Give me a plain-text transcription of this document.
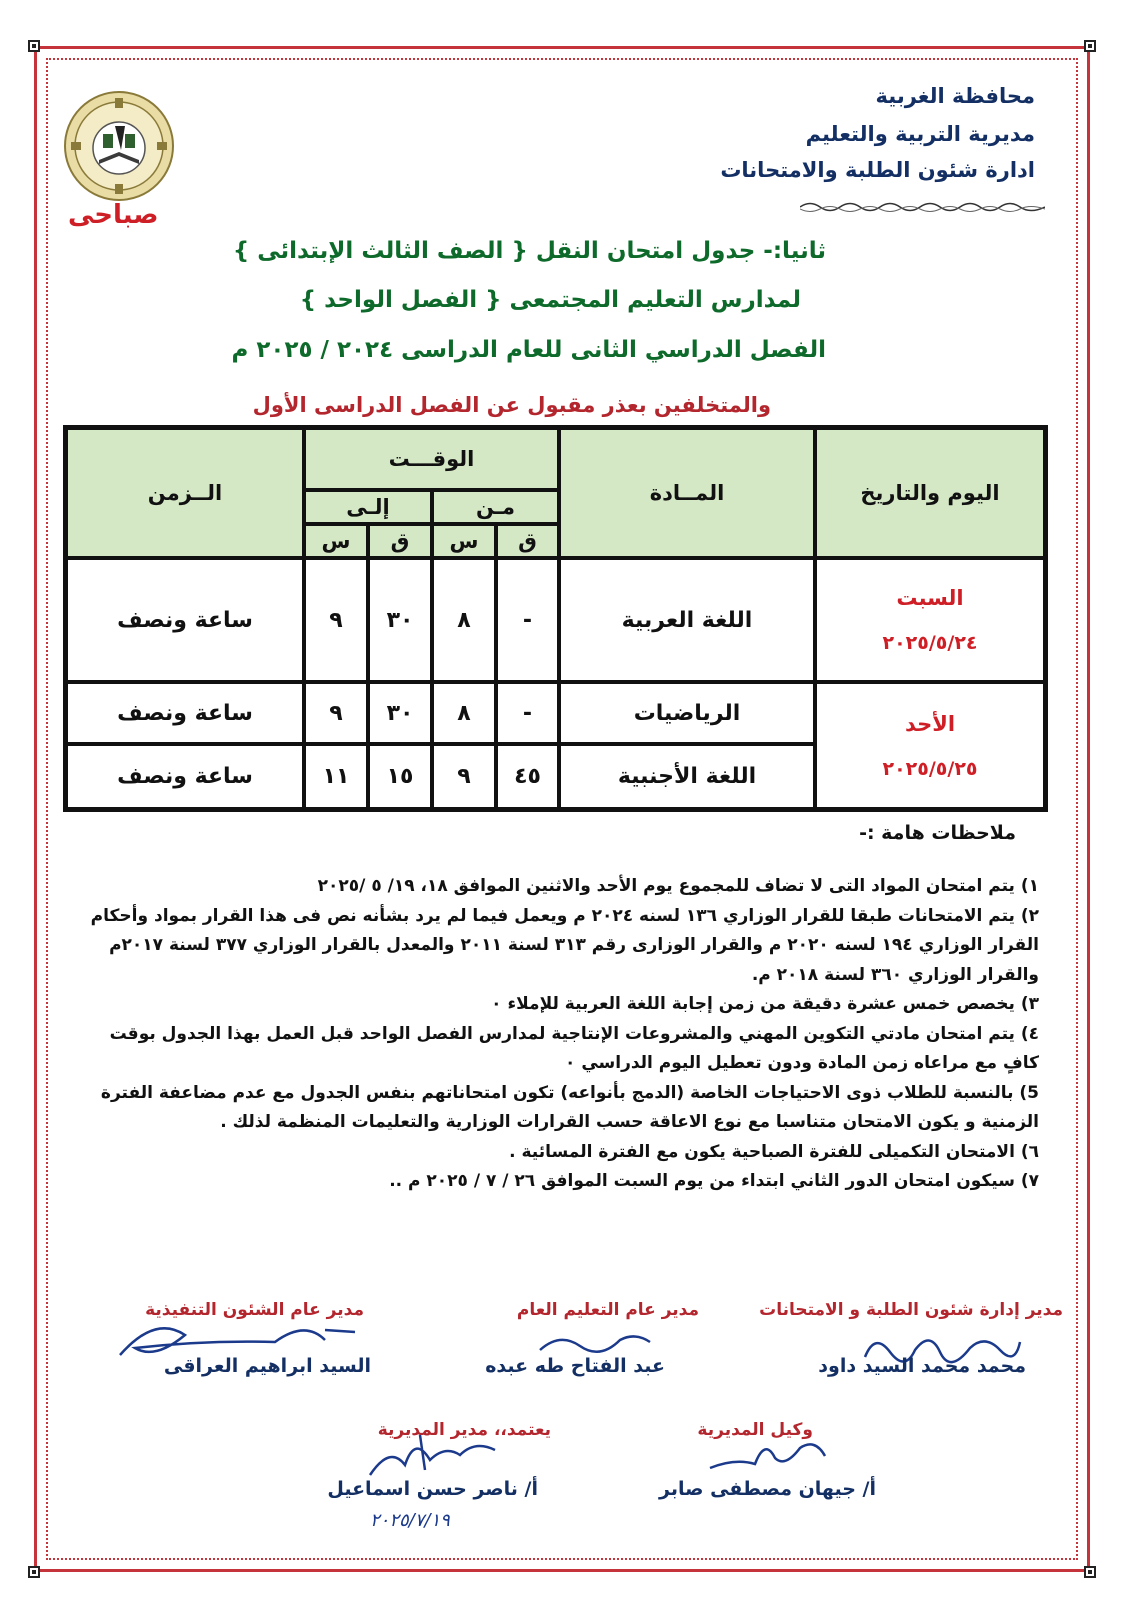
محافظة الغربية
مديرية التربية والتعليم
ادارة شئون الطلبة والامتحانات
صباحى
ثانيا:- جدول امتحان النقل { الصف الثالث الإبتدائى }
لمدارس التعليم المجتمعى { الفصل الواحد }
الفصل الدراسي الثانى للعام الدراسى ٢٠٢٤ / ٢٠٢٥ م
والمتخلفين بعذر مقبول عن الفصل الدراسى الأول
اليوم والتاريخ
المــادة
الوقـــت
مـن
إلـى
ق
س
ق
س
الــزمن
السبت
٢٠٢٥/٥/٢٤
الأحد
٢٠٢٥/٥/٢٥
اللغة العربية
-
٨
٣٠
٩
ساعة ونصف
الرياضيات
-
٨
٣٠
٩
ساعة ونصف
اللغة الأجنبية
٤٥
٩
١٥
١١
ساعة ونصف
ملاحظات هامة :-

١) يتم امتحان المواد التى لا تضاف للمجموع يوم الأحد والاثنين الموافق ١٨، ١٩/ ٥ /٢٠٢٥

٢) يتم الامتحانات طبقا للقرار الوزاري ١٣٦ لسنه ٢٠٢٤ م ويعمل فيما لم يرد بشأنه نص فى هذا القرار بمواد وأحكام القرار الوزاري ١٩٤ لسنه ٢٠٢٠ م والقرار الوزارى رقم ٣١٣ لسنة ٢٠١١ والمعدل بالقرار الوزاري ٣٧٧ لسنة ٢٠١٧م والقرار الوزاري ٣٦٠ لسنة ٢٠١٨ م.

٣) يخصص خمس عشرة دقيقة من زمن إجابة اللغة العربية للإملاء ٠

٤) يتم امتحان مادتي التكوين المهني والمشروعات الإنتاجية لمدارس الفصل الواحد قبل العمل بهذا الجدول بوقت كافٍ مع مراعاه زمن المادة ودون تعطيل اليوم الدراسي ٠

5) بالنسبة للطلاب ذوى الاحتياجات الخاصة (الدمج بأنواعه) تكون امتحاناتهم بنفس الجدول مع عدم مضاعفة الفترة الزمنية و يكون الامتحان متناسبا مع نوع الاعاقة حسب القرارات الوزارية والتعليمات المنظمة لذلك .

٦) الامتحان التكميلى للفترة الصباحية يكون مع الفترة المسائية .

٧) سيكون امتحان الدور الثاني ابتداء من يوم السبت الموافق ٢٦ / ٧ / ٢٠٢٥ م ..

مدير إدارة شئون الطلبة و الامتحانات
مدير عام التعليم العام
مدير عام الشئون التنفيذية
محمد محمد السيد داود
عبد الفتاح طه عبده
السيد ابراهيم العراقى
وكيل المديرية
يعتمد،، مدير المديرية
أ/ جيهان مصطفى صابر
أ/ ناصر حسن اسماعيل
٢٠٢٥/٧/١٩
